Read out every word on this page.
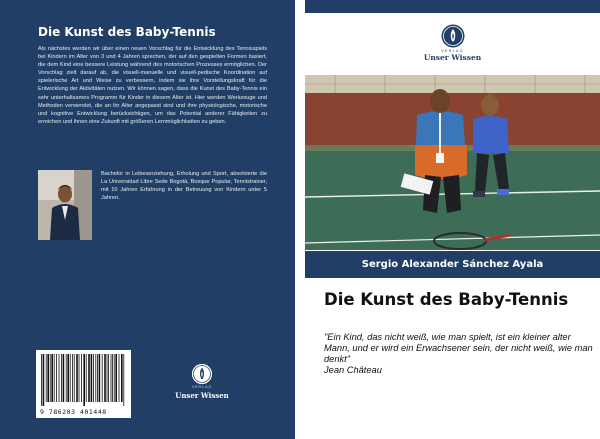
Die Kunst des Baby-Tennis
Als nächstes werden wir über einen neuen Vorschlag für die Entwicklung des Tennisspiels bei Kindern im Alter von 3 und 4 Jahren sprechen, der auf den gespielten Formen basiert, die dem Kind eine bessere Leistung während des motorischen Prozesses ermöglichen. Der Vorschlag zielt darauf ab, die visuell-manuelle und visuell-pedische Koordination auf spielerische Art und Weise zu verbessern, indem sie ihre Vorstellungskraft für die Entwicklung der Aktivitäten nutzen. Wir können sagen, dass die Kunst des Baby-Tennis ein sehr unterhaltsames Programm für Kinder in diesem Alter ist. Hier werden Werkzeuge und Methoden verwendet, die an ihr Alter angepasst sind und ihre physiologische, motorische und kognitive Entwicklung berücksichtigen, um das Potential anderer Fähigkeiten zu erreichen und ihnen eine Zukunft mit größeren Lernmöglichkeiten zu geben.
Bachelor in Leibeserziehung, Erholung und Sport, absolvierte die La Universidad Libre Sede Bogotá, Bosque Popular, Tennistrainer, mit 10 Jahren Erfahrung in der Betreuung von Kindern unter 5 Jahren.
9 786203 401448
VERLAG
Unser Wissen
VERLAG
Unser Wissen
Sergio Alexander Sánchez Ayala
Die Kunst des Baby-Tennis
"Ein Kind, das nicht weiß, wie man spielt, ist ein kleiner alter Mann, und er wird ein Erwachsener sein, der nicht weiß, wie man denkt"
Jean Château
